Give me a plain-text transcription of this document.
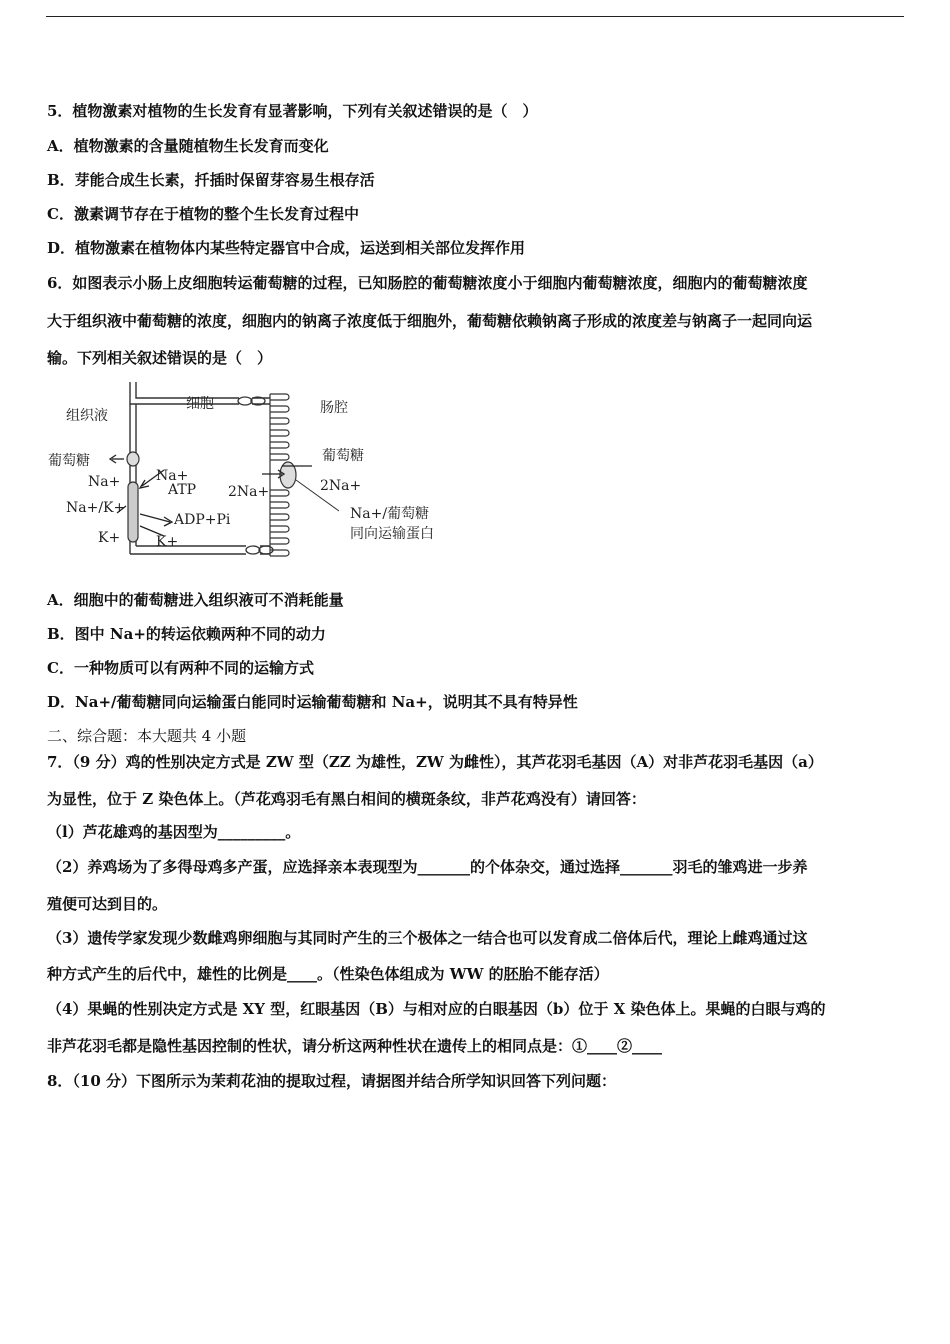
5．植物激素对植物的生长发育有显著影响，下列有关叙述错误的是（　）
A．植物激素的含量随植物生长发育而变化
B．芽能合成生长素，扦插时保留芽容易生根存活
C．激素调节存在于植物的整个生长发育过程中
D．植物激素在植物体内某些特定器官中合成，运送到相关部位发挥作用
6．如图表示小肠上皮细胞转运葡萄糖的过程，已知肠腔的葡萄糖浓度小于细胞内葡萄糖浓度，细胞内的葡萄糖浓度
大于组织液中葡萄糖的浓度，细胞内的钠离子浓度低于细胞外，葡萄糖依赖钠离子形成的浓度差与钠离子一起同向运
输。下列相关叙述错误的是（　）
组织液
细胞	肠腔
葡萄糖	葡萄糖
Na+
Na+	ATP 2Na+	2Na+
Na+/K+
ADP+Pi
K+	K+
Na+/葡萄糖
同向运输蛋白
A．细胞中的葡萄糖进入组织液可不消耗能量
B．图中 Na+的转运依赖两种不同的动力
C．一种物质可以有两种不同的运输方式
D．Na+/葡萄糖同向运输蛋白能同时运输葡萄糖和 Na+，说明其不具有特异性
二、综合题：本大题共 4 小题
7．（9 分）鸡的性别决定方式是 ZW 型（ZZ 为雄性，ZW 为雌性），其芦花羽毛基因（A）对非芦花羽毛基因（a）
为显性，位于 Z 染色体上。（芦花鸡羽毛有黑白相间的横斑条纹，非芦花鸡没有）请回答：
（l）芦花雄鸡的基因型为_________。
（2）养鸡场为了多得母鸡多产蛋，应选择亲本表现型为_______的个体杂交，通过选择_______羽毛的雏鸡进一步养
殖便可达到目的。
（3）遗传学家发现少数雌鸡卵细胞与其同时产生的三个极体之一结合也可以发育成二倍体后代，理论上雌鸡通过这
种方式产生的后代中，雄性的比例是____。（性染色体组成为 WW 的胚胎不能存活）
（4）果蝇的性别决定方式是 XY 型，红眼基因（B）与相对应的白眼基因（b）位于 X 染色体上。果蝇的白眼与鸡的
非芦花羽毛都是隐性基因控制的性状，请分析这两种性状在遗传上的相同点是：①____②____
8．（10 分）下图所示为茉莉花油的提取过程，请据图并结合所学知识回答下列问题：
